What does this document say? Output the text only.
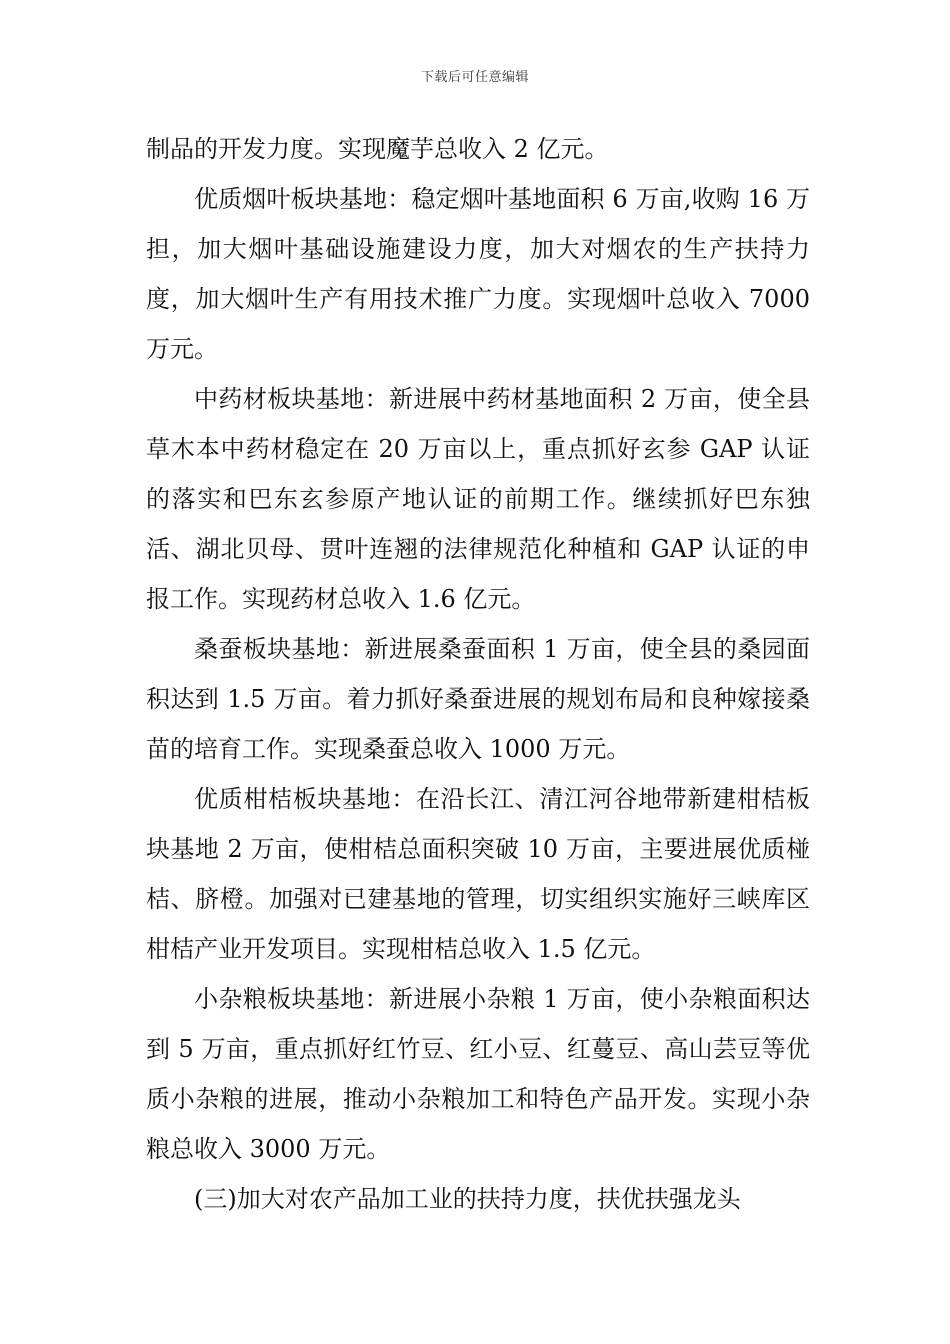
下载后可任意编辑

制品的开发力度。实现魔芋总收入 2 亿元。

优质烟叶板块基地：稳定烟叶基地面积 6 万亩,收购 16 万担，加大烟叶基础设施建设力度，加大对烟农的生产扶持力度，加大烟叶生产有用技术推广力度。实现烟叶总收入 7000 万元。

中药材板块基地：新进展中药材基地面积 2 万亩，使全县草木本中药材稳定在 20 万亩以上，重点抓好玄参 GAP 认证的落实和巴东玄参原产地认证的前期工作。继续抓好巴东独活、湖北贝母、贯叶连翘的法律规范化种植和 GAP 认证的申报工作。实现药材总收入 1.6 亿元。

桑蚕板块基地：新进展桑蚕面积 1 万亩，使全县的桑园面积达到 1.5 万亩。着力抓好桑蚕进展的规划布局和良种嫁接桑苗的培育工作。实现桑蚕总收入 1000 万元。

优质柑桔板块基地：在沿长江、清江河谷地带新建柑桔板块基地 2 万亩，使柑桔总面积突破 10 万亩，主要进展优质椪桔、脐橙。加强对已建基地的管理，切实组织实施好三峡库区柑桔产业开发项目。实现柑桔总收入 1.5 亿元。

小杂粮板块基地：新进展小杂粮 1 万亩，使小杂粮面积达到 5 万亩，重点抓好红竹豆、红小豆、红蔓豆、高山芸豆等优质小杂粮的进展，推动小杂粮加工和特色产品开发。实现小杂粮总收入 3000 万元。

(三)加大对农产品加工业的扶持力度，扶优扶强龙头
